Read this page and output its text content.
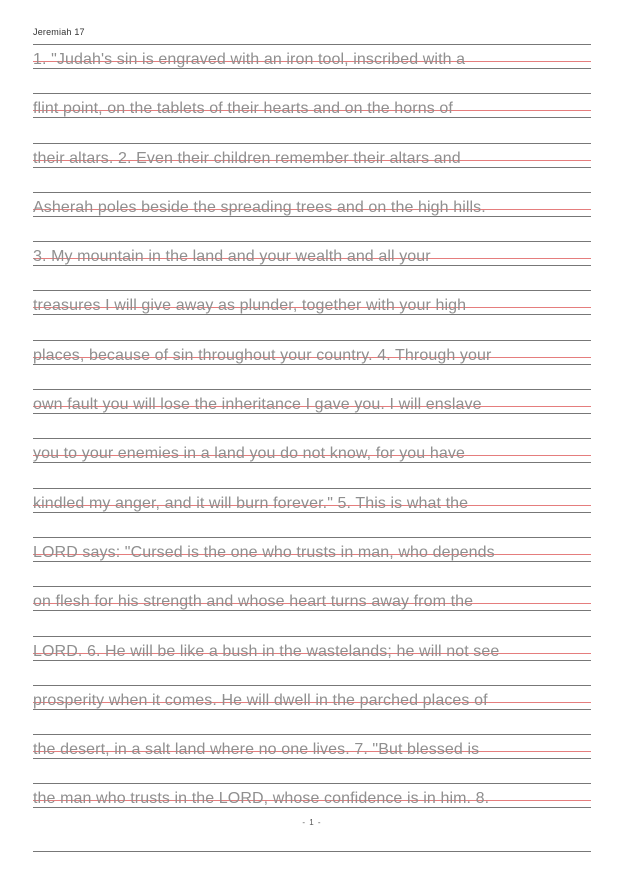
Jeremiah 17
1. "Judah's sin is engraved with an iron tool, inscribed with a
flint point, on the tablets of their hearts and on the horns of
their altars. 2. Even their children remember their altars and
Asherah poles beside the spreading trees and on the high hills.
3. My mountain in the land and your wealth and all your
treasures I will give away as plunder, together with your high
places, because of sin throughout your country. 4. Through your
own fault you will lose the inheritance I gave you. I will enslave
you to your enemies in a land you do not know, for you have
kindled my anger, and it will burn forever." 5. This is what the
LORD says: "Cursed is the one who trusts in man, who depends
on flesh for his strength and whose heart turns away from the
LORD. 6. He will be like a bush in the wastelands; he will not see
prosperity when it comes. He will dwell in the parched places of
the desert, in a salt land where no one lives. 7. "But blessed is
the man who trusts in the LORD, whose confidence is in him. 8.
- 1 -
